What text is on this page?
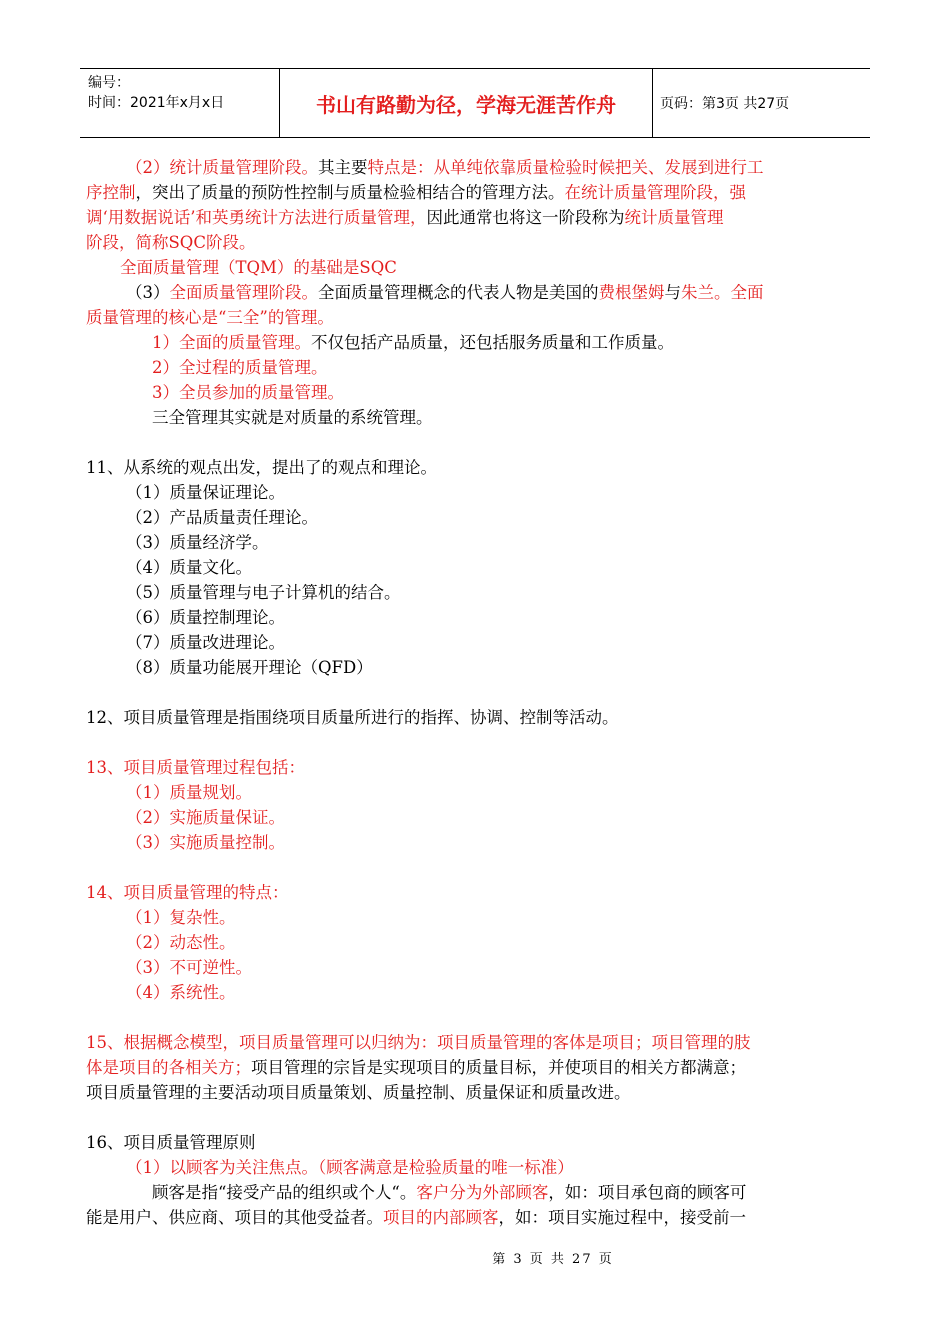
编号：
时间：2021年x月x日	书山有路勤为径，学海无涯苦作舟	页码：第3页 共27页
（2）统计质量管理阶段。其主要特点是：从单纯依靠质量检验时候把关、发展到进行工
序控制，突出了质量的预防性控制与质量检验相结合的管理方法。在统计质量管理阶段，强
调‘用数据说话’和英勇统计方法进行质量管理，因此通常也将这一阶段称为统计质量管理
阶段，简称SQC阶段。
全面质量管理（TQM）的基础是SQC
（3）全面质量管理阶段。全面质量管理概念的代表人物是美国的费根堡姆与朱兰。全面
质量管理的核心是“三全”的管理。
1）全面的质量管理。不仅包括产品质量，还包括服务质量和工作质量。
2）全过程的质量管理。
3）全员参加的质量管理。
三全管理其实就是对质量的系统管理。
11、从系统的观点出发，提出了的观点和理论。
（1）质量保证理论。
（2）产品质量责任理论。
（3）质量经济学。
（4）质量文化。
（5）质量管理与电子计算机的结合。
（6）质量控制理论。
（7）质量改进理论。
（8）质量功能展开理论（QFD）
12、项目质量管理是指围绕项目质量所进行的指挥、协调、控制等活动。
13、项目质量管理过程包括：
（1）质量规划。
（2）实施质量保证。
（3）实施质量控制。
14、项目质量管理的特点：
（1）复杂性。
（2）动态性。
（3）不可逆性。
（4）系统性。
15、根据概念模型，项目质量管理可以归纳为：项目质量管理的客体是项目；项目管理的肢
体是项目的各相关方；项目管理的宗旨是实现项目的质量目标，并使项目的相关方都满意；
项目质量管理的主要活动项目质量策划、质量控制、质量保证和质量改进。
16、项目质量管理原则
（1）以顾客为关注焦点。（顾客满意是检验质量的唯一标准）
顾客是指“接受产品的组织或个人“。客户分为外部顾客，如：项目承包商的顾客可
能是用户、供应商、项目的其他受益者。项目的内部顾客，如：项目实施过程中，接受前一
第 3 页 共 27 页
